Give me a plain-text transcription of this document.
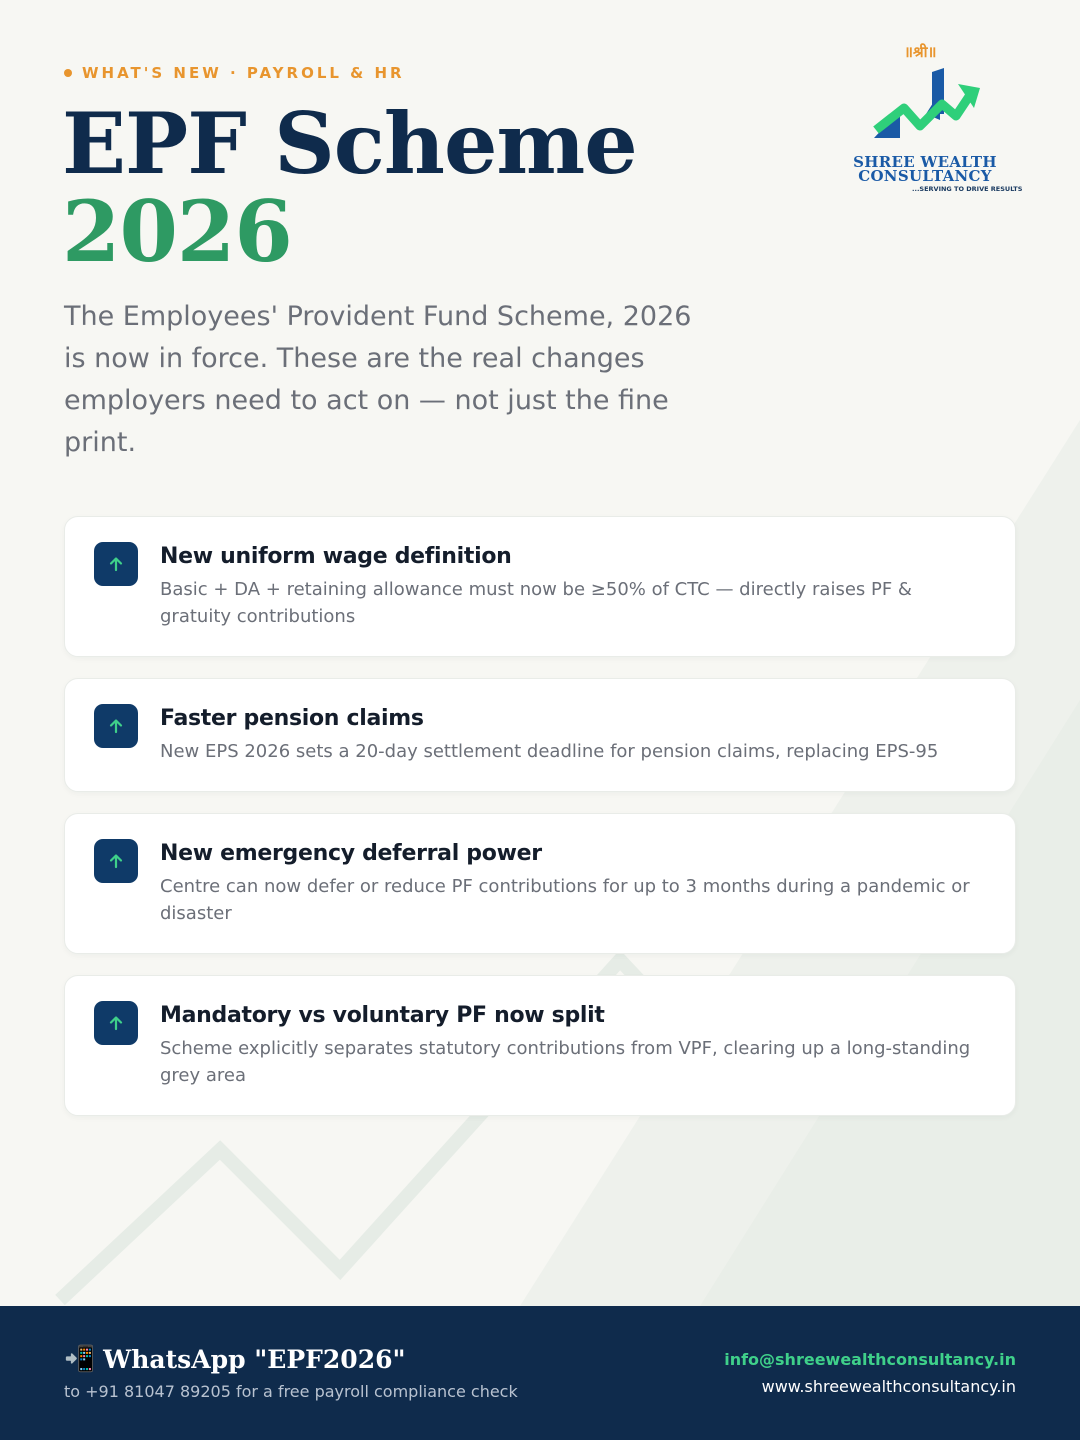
WHAT'S NEW · PAYROLL & HR
EPF Scheme
2026

The Employees' Provident Fund Scheme, 2026 is now in force. These are the real changes employers need to act on — not just the fine print.

॥श्री॥
SHREE WEALTH
CONSULTANCY
...SERVING TO DRIVE RESULTS
New uniform wage definition
Basic + DA + retaining allowance must now be ≥50% of CTC — directly raises PF & gratuity contributions
Faster pension claims
New EPS 2026 sets a 20-day settlement deadline for pension claims, replacing EPS-95
New emergency deferral power
Centre can now defer or reduce PF contributions for up to 3 months during a pandemic or disaster
Mandatory vs voluntary PF now split
Scheme explicitly separates statutory contributions from VPF, clearing up a long-standing grey area
📲 WhatsApp "EPF2026"
to +91 81047 89205 for a free payroll compliance check
info@shreewealthconsultancy.in
www.shreewealthconsultancy.in
